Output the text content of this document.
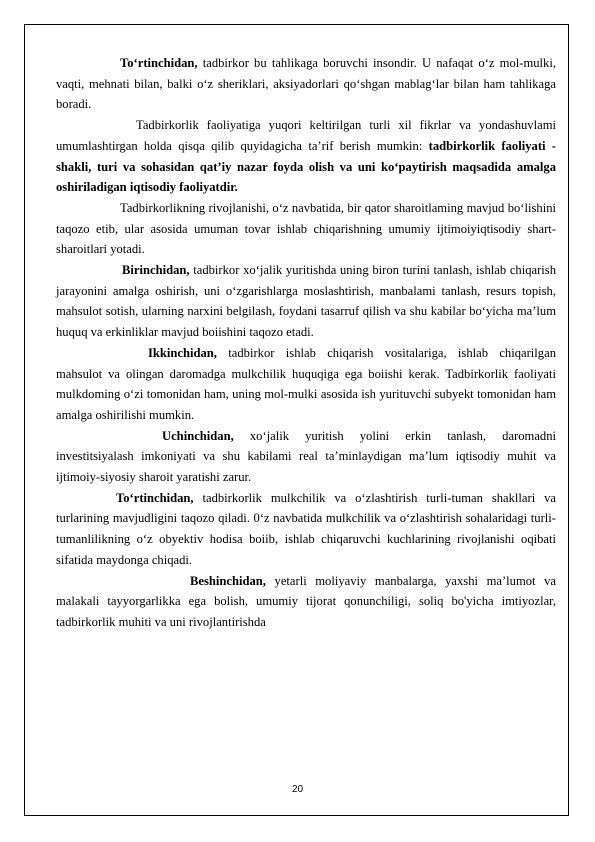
To‘rtinchidan, tadbirkor bu tahlikaga boruvchi insondir. U nafaqat o‘z mol-mulki, vaqti, mehnati bilan, balki o‘z sheriklari, aksiyadorlari qo‘shgan mablag‘lar bilan ham tahlikaga boradi.

Tadbirkorlik faoliyatiga yuqori keltirilgan turli xil fikrlar va yondashuvlami umumlashtirgan holda qisqa qilib quyidagicha ta’rif berish mumkin: tadbirkorlik faoliyati - shakli, turi va sohasidan qat’iy nazar foyda olish va uni ko‘paytirish maqsadida amalga oshiriladigan iqtisodiy faoliyatdir.

Tadbirkorlikning rivojlanishi, o‘z navbatida, bir qator sharoitlaming mavjud bo‘lishini taqozo etib, ular asosida umuman tovar ishlab chiqarishning umumiy ijtimoiyiqtisodiy shart-sharoitlari yotadi.

Birinchidan, tadbirkor xo‘jalik yuritishda uning biron turini tanlash, ishlab chiqarish jarayonini amalga oshirish, uni o‘zgarishlarga moslashtirish, manbalami tanlash, resurs topish, mahsulot sotish, ularning narxini belgilash, foydani tasarruf qilish va shu kabilar bo‘yicha ma’lum huquq va erkinliklar mavjud boiishini taqozo etadi.

Ikkinchidan, tadbirkor ishlab chiqarish vositalariga, ishlab chiqarilgan mahsulot va olingan daromadga mulkchilik huquqiga ega boiishi kerak. Tadbirkorlik faoliyati mulkdoming o‘zi tomonidan ham, uning mol-mulki asosida ish yurituvchi subyekt tomonidan ham amalga oshirilishi mumkin.

Uchinchidan, xo‘jalik yuritish yolini erkin tanlash, daromadni investitsiyalash imkoniyati va shu kabilami real ta’minlaydigan ma’lum iqtisodiy muhit va ijtimoiy-siyosiy sharoit yaratishi zarur.

To‘rtinchidan, tadbirkorlik mulkchilik va o‘zlashtirish turli-tuman shakllari va turlarining mavjudligini taqozo qiladi. 0‘z navbatida mulkchilik va o‘zlashtirish sohalaridagi turli-tumanlilikning o‘z obyektiv hodisa boiib, ishlab chiqaruvchi kuchlarining rivojlanishi oqibati sifatida maydonga chiqadi.

Beshinchidan, yetarli moliyaviy manbalarga, yaxshi ma’lumot va malakali tayyorgarlikka ega bolish, umumiy tijorat qonunchiligi, soliq bo'yicha imtiyozlar, tadbirkorlik muhiti va uni rivojlantirishda

20
